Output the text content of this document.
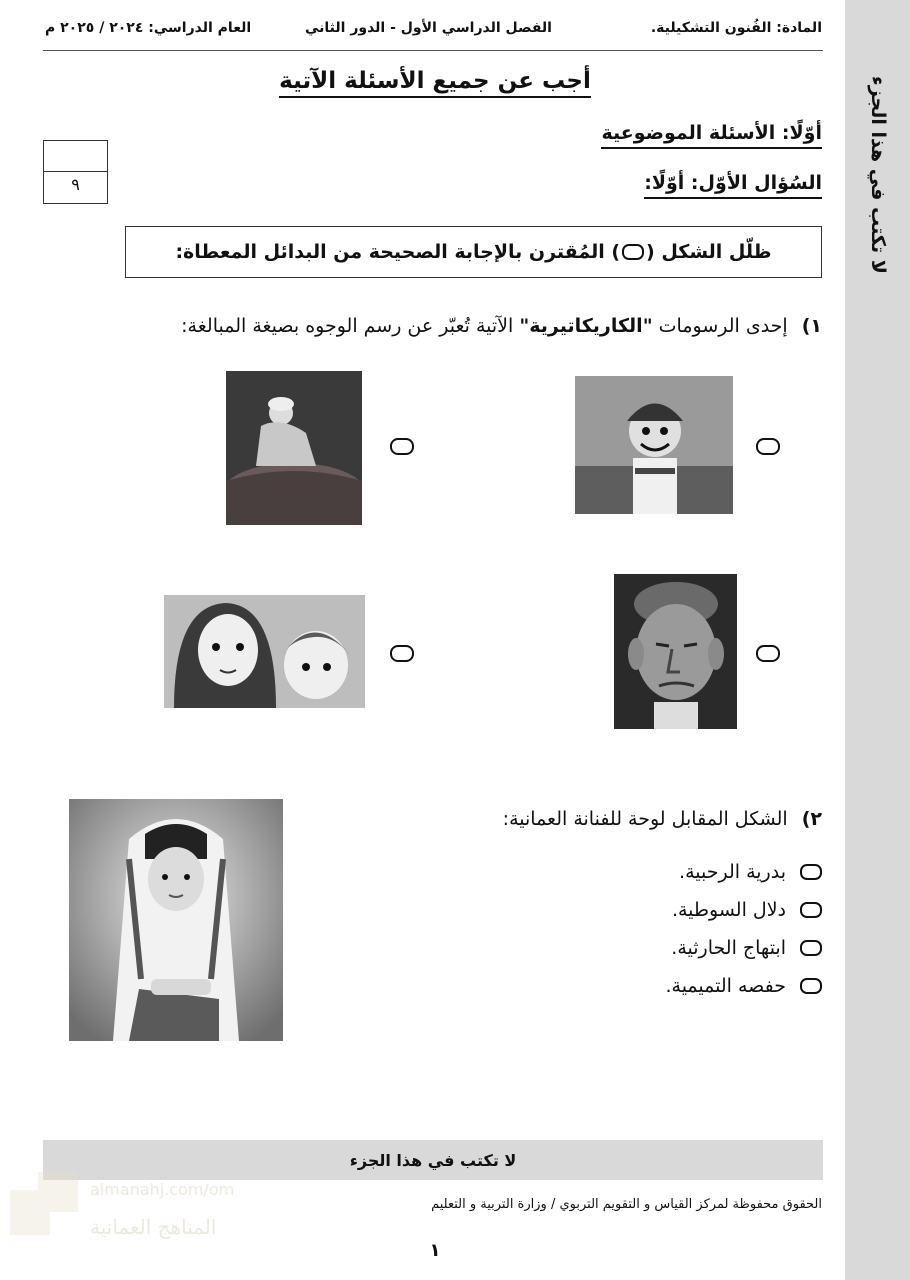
لا تكتب في هذا الجزء
المادة: الفُنون التشكيلية.
الفصل الدراسي الأول - الدور الثاني
العام الدراسي: ٢٠٢٤ / ٢٠٢٥ م
أجب عن جميع الأسئلة الآتية
أوّلًا: الأسئلة الموضوعية
السُؤال الأوّل: أوّلًا:
٩
ظلّل الشكل (
) المُقترن بالإجابة الصحيحة من البدائل المعطاة:
١)إحدى الرسومات "الكاريكاتيرية" الآتية تُعبّر عن رسم الوجوه بصيغة المبالغة:
٢)الشكل المقابل لوحة للفنانة العمانية:
بدرية الرحبية.
دلال السوطية.
ابتهاج الحارثية.
حفصه التميمية.
لا تكتب في هذا الجزء
الحقوق محفوظة لمركز القياس و التقويم التربوي / وزارة التربية و التعليم
١
almanahj.com/om
المناهج العمانية
